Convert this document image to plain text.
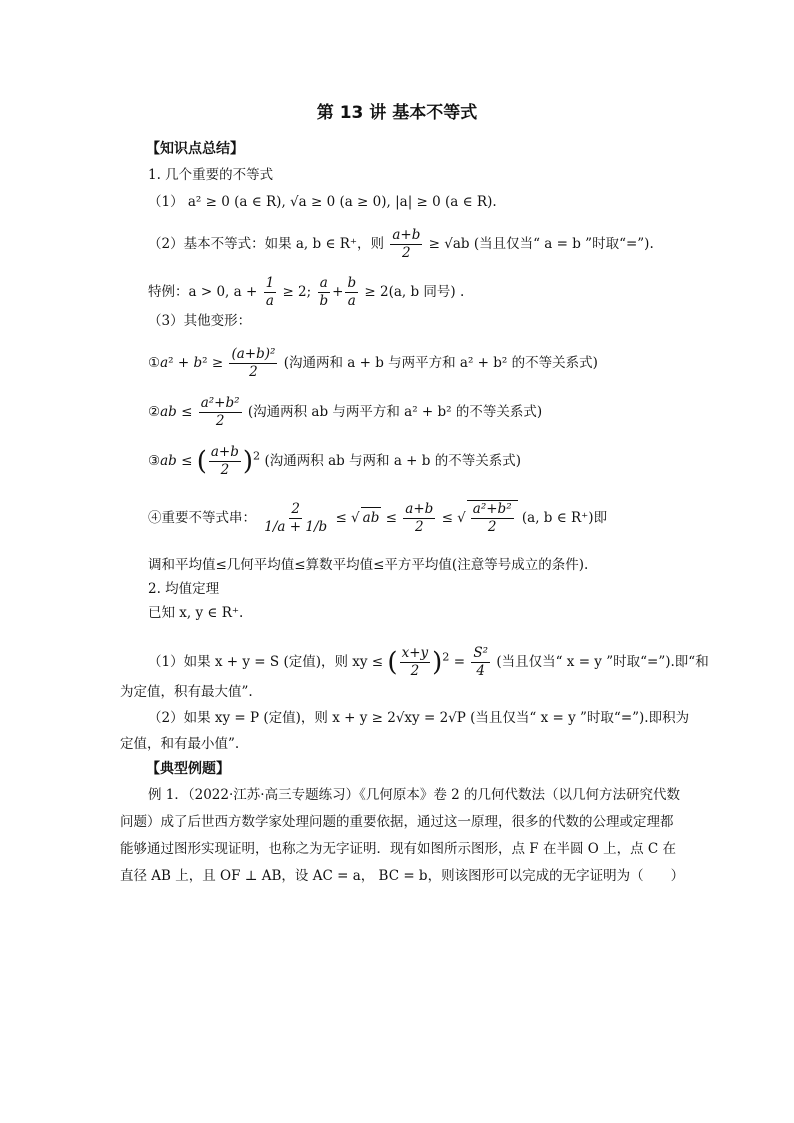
第 13 讲 基本不等式
【知识点总结】
1. 几个重要的不等式
（1） a² ≥ 0 (a ∈ R), √a ≥ 0 (a ≥ 0), |a| ≥ 0 (a ∈ R).
（2）基本不等式：如果 a, b ∈ R⁺，则 $\frac{a+b}{2} \ge √ab$ (当且仅当“ a = b ”时取“=”).
特例：a > 0, $a + \frac{1}{a} \ge 2$; $\frac{a}{b} + \frac{b}{a} \ge 2(a$, b 同号) .
（3）其他变形：
①a² + $b^2 \ge \frac{\text{(a+b)²}}{2}$ (沟通两和 a + b 与两平方和 a² + b² 的不等关系式)
②ab ≤ $\frac{\text{a²+b²}}{2}$ (沟通两积 ab 与两平方和 a² + b² 的不等关系式)
③ab ≤ ( $\frac{a+b}{2} )^2$ (沟通两积 ab 与两和 a + b 的不等关系式)
④重要不等式串： $\frac{2}{1/a + 1/b}$ ≤ √ ab ≤ $\frac{a+b}{2}$ ≤ √ $\frac{\text{a²+b²}}{2} (a$, b ∈ R⁺)即
调和平均值≤几何平均值≤算数平均值≤平方平均值(注意等号成立的条件).
2. 均值定理
已知 x, y ∈ R⁺.
（1）如果 x + y = S (定值)，则 xy ≤ ( $\frac{x+y}{2} )^2 = \frac{\text{S²}}{4}$ (当且仅当“ x = y ”时取“=”).即“和
为定值，积有最大值”.
（2）如果 xy = P (定值)，则 x + y ≥ 2√xy = 2√P (当且仅当“ x = y ”时取“=”).即积为
定值，和有最小值”.
【典型例题】
例 1．（2022·江苏·高三专题练习）《几何原本》卷 2 的几何代数法（以几何方法研究代数问题）成了后世西方数学家处理问题的重要依据，通过这一原理，很多的代数的公理或定理都能够通过图形实现证明，也称之为无字证明．现有如图所示图形，点 F 在半圆 O 上，点 C 在直径 AB 上，且 OF ⊥ AB，设 AC = a， BC = b，则该图形可以完成的无字证明为（　　）
